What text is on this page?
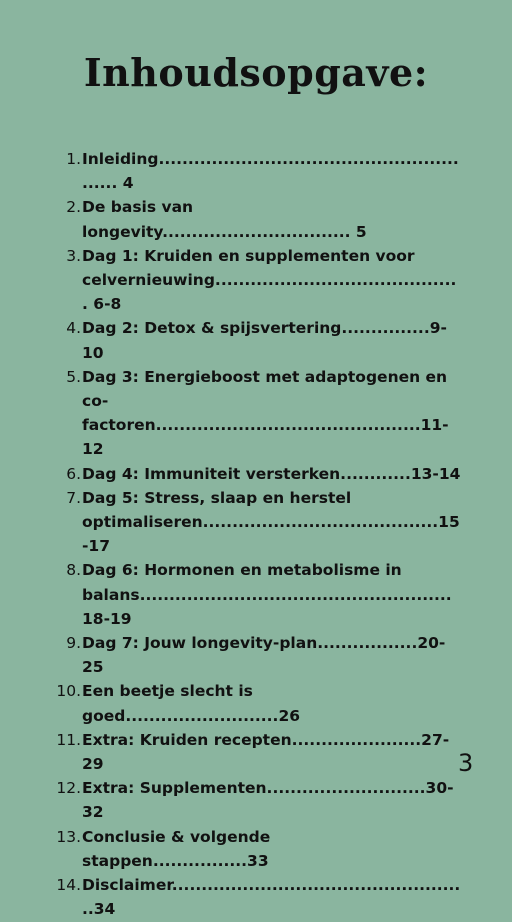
Inhoudsopgave:
1. Inleiding......................................................... 4
2. De basis van longevity................................ 5
3. Dag 1: Kruiden en supplementen voor
celvernieuwing.......................................... 6-8
4. Dag 2: Detox & spijsvertering...............9-10
5. Dag 3: Energieboost met adaptogenen en
co-factoren.............................................11-12
6. Dag 4: Immuniteit versterken............13-14
7. Dag 5: Stress, slaap en herstel
optimaliseren........................................15-17
8. Dag 6: Hormonen en metabolisme in
balans.....................................................18-19
9. Dag 7: Jouw longevity-plan.................20-25
10. Een beetje slecht is goed..........................26
11. Extra: Kruiden recepten......................27-29
12. Extra: Supplementen...........................30-32
13. Conclusie & volgende stappen................33
14. Disclaimer...................................................34
3
